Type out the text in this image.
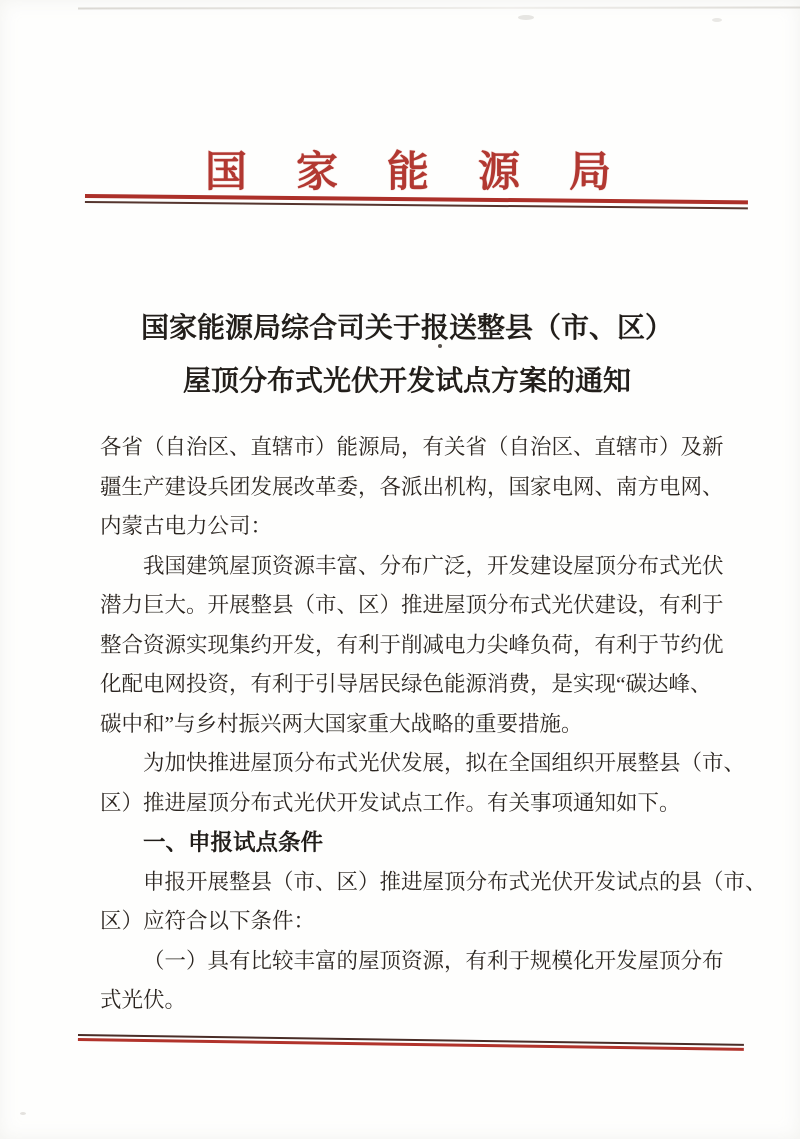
国家能源局
国家能源局综合司关于报送整县（市、区）
屋顶分布式光伏开发试点方案的通知
各省（自治区、直辖市）能源局，有关省（自治区、直辖市）及新
疆生产建设兵团发展改革委，各派出机构，国家电网、南方电网、
内蒙古电力公司：
我国建筑屋顶资源丰富、分布广泛，开发建设屋顶分布式光伏
潜力巨大。开展整县（市、区）推进屋顶分布式光伏建设，有利于
整合资源实现集约开发，有利于削减电力尖峰负荷，有利于节约优
化配电网投资，有利于引导居民绿色能源消费，是实现“碳达峰、
碳中和”与乡村振兴两大国家重大战略的重要措施。
为加快推进屋顶分布式光伏发展，拟在全国组织开展整县（市、
区）推进屋顶分布式光伏开发试点工作。有关事项通知如下。
一、申报试点条件
申报开展整县（市、区）推进屋顶分布式光伏开发试点的县（市、
区）应符合以下条件：
（一）具有比较丰富的屋顶资源，有利于规模化开发屋顶分布
式光伏。
